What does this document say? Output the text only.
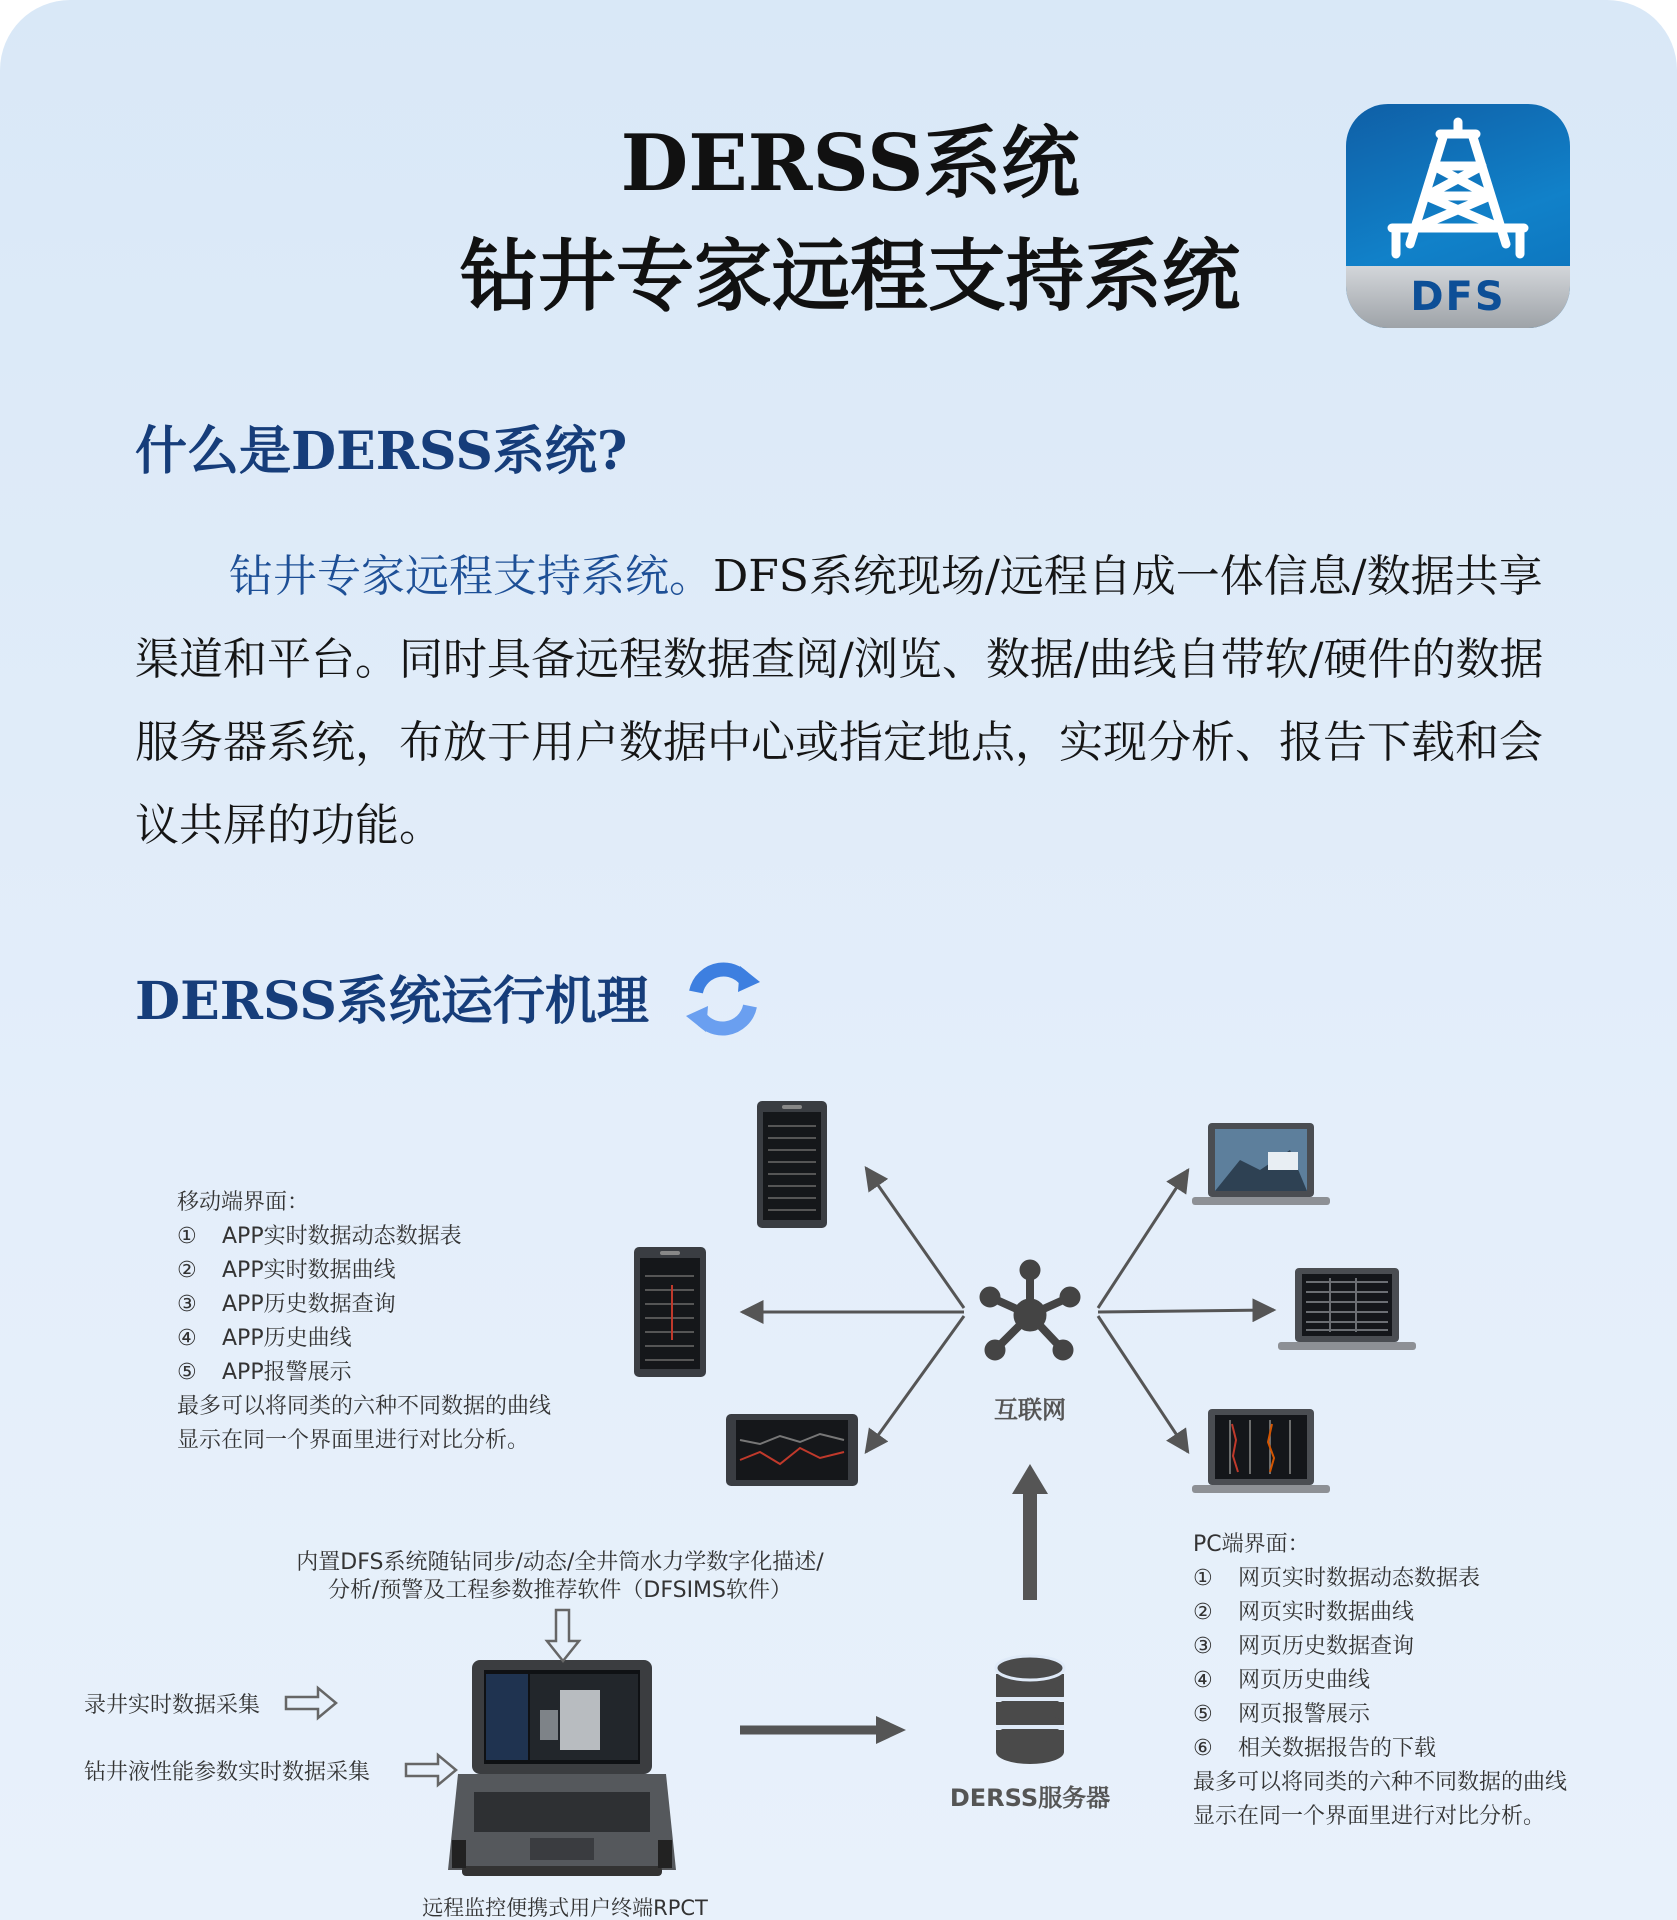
DERSS系统
钻井专家远程支持系统	DFS
什么是DERSS系统?
钻井专家远程支持系统。DFS系统现场/远程自成一体信息/数据共享渠道和平台。同时具备远程数据查阅/浏览、数据/曲线自带软/硬件的数据服务器系统，布放于用户数据中心或指定地点，实现分析、报告下载和会议共屏的功能。
DERSS系统运行机理
移动端界面：
① APP实时数据动态数据表
② APP实时数据曲线
③ APP历史数据查询
④ APP历史曲线
⑤ APP报警展示
最多可以将同类的六种不同数据的曲线
显示在同一个界面里进行对比分析。
PC端界面：
① 网页实时数据动态数据表
② 网页实时数据曲线
③ 网页历史数据查询
④ 网页历史曲线
⑤ 网页报警展示
⑥ 相关数据报告的下载
最多可以将同类的六种不同数据的曲线
显示在同一个界面里进行对比分析。
互联网
DERSS服务器
内置DFS系统随钻同步/动态/全井筒水力学数字化描述/
分析/预警及工程参数推荐软件（DFSIMS软件）
录井实时数据采集
钻井液性能参数实时数据采集
远程监控便携式用户终端RPCT
